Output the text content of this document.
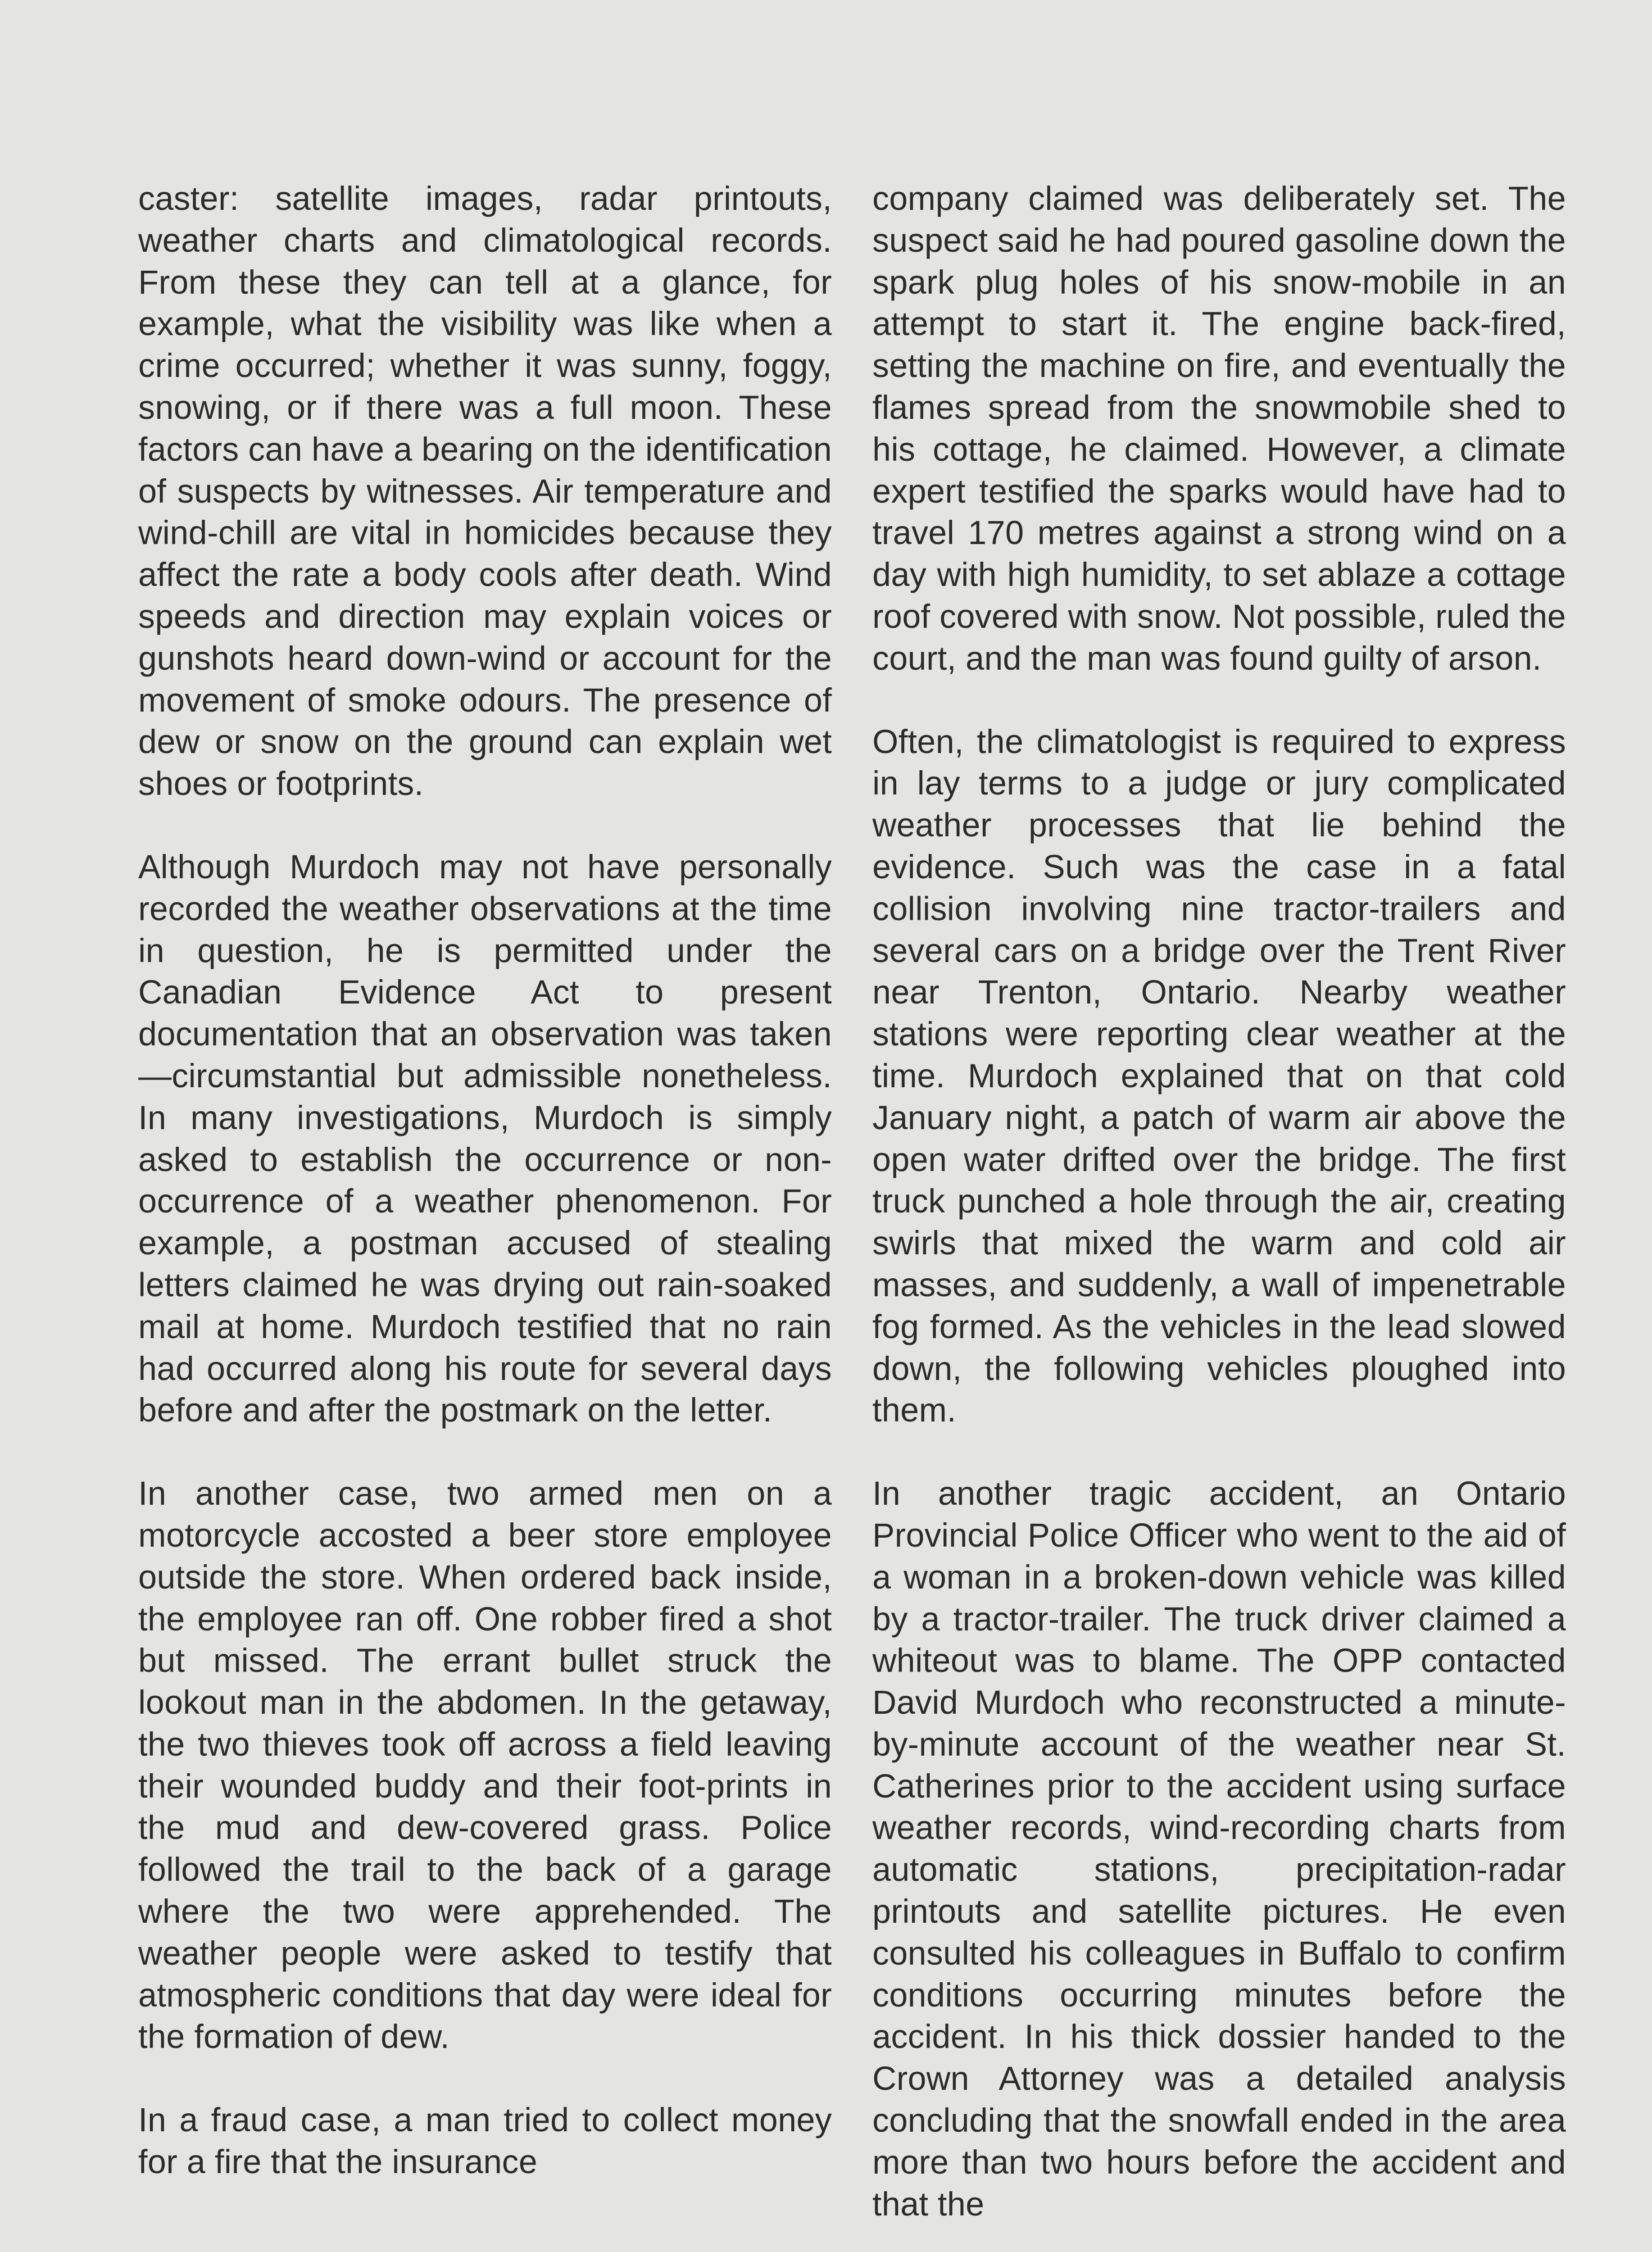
caster: satellite images, radar printouts, weather charts and climatological records. From these they can tell at a glance, for example, what the visibility was like when a crime occurred; whether it was sunny, foggy, snowing, or if there was a full moon. These factors can have a bearing on the identification of suspects by witnesses. Air temperature and wind-chill are vital in homicides because they affect the rate a body cools after death. Wind speeds and direction may explain voices or gunshots heard down-wind or account for the movement of smoke odours. The presence of dew or snow on the ground can explain wet shoes or footprints.

Although Murdoch may not have personally recorded the weather observations at the time in question, he is permitted under the Canadian Evidence Act to present documentation that an observation was taken—circumstantial but admissible nonetheless. In many investigations, Murdoch is simply asked to establish the occurrence or non-occurrence of a weather phenomenon. For example, a postman accused of stealing letters claimed he was drying out rain-soaked mail at home. Murdoch testified that no rain had occurred along his route for several days before and after the postmark on the letter.

In another case, two armed men on a motorcycle accosted a beer store employee outside the store. When ordered back inside, the employee ran off. One robber fired a shot but missed. The errant bullet struck the lookout man in the abdomen. In the getaway, the two thieves took off across a field leaving their wounded buddy and their foot-prints in the mud and dew-covered grass. Police followed the trail to the back of a garage where the two were apprehended. The weather people were asked to testify that atmospheric conditions that day were ideal for the formation of dew.

In a fraud case, a man tried to collect money for a fire that the insurance

company claimed was deliberately set. The suspect said he had poured gasoline down the spark plug holes of his snow-mobile in an attempt to start it. The engine back-fired, setting the machine on fire, and eventually the flames spread from the snowmobile shed to his cottage, he claimed. However, a climate expert testified the sparks would have had to travel 170 metres against a strong wind on a day with high humidity, to set ablaze a cottage roof covered with snow. Not possible, ruled the court, and the man was found guilty of arson.

Often, the climatologist is required to express in lay terms to a judge or jury complicated weather processes that lie behind the evidence. Such was the case in a fatal collision involving nine tractor-trailers and several cars on a bridge over the Trent River near Trenton, Ontario. Nearby weather stations were reporting clear weather at the time. Murdoch explained that on that cold January night, a patch of warm air above the open water drifted over the bridge. The first truck punched a hole through the air, creating swirls that mixed the warm and cold air masses, and suddenly, a wall of impenetrable fog formed. As the vehicles in the lead slowed down, the following vehicles ploughed into them.

In another tragic accident, an Ontario Provincial Police Officer who went to the aid of a woman in a broken-down vehicle was killed by a tractor-trailer. The truck driver claimed a whiteout was to blame. The OPP contacted David Murdoch who reconstructed a minute-by-minute account of the weather near St. Catherines prior to the accident using surface weather records, wind-recording charts from automatic stations, precipitation-radar printouts and satellite pictures. He even consulted his colleagues in Buffalo to confirm conditions occurring minutes before the accident. In his thick dossier handed to the Crown Attorney was a detailed analysis concluding that the snowfall ended in the area more than two hours before the accident and that the
